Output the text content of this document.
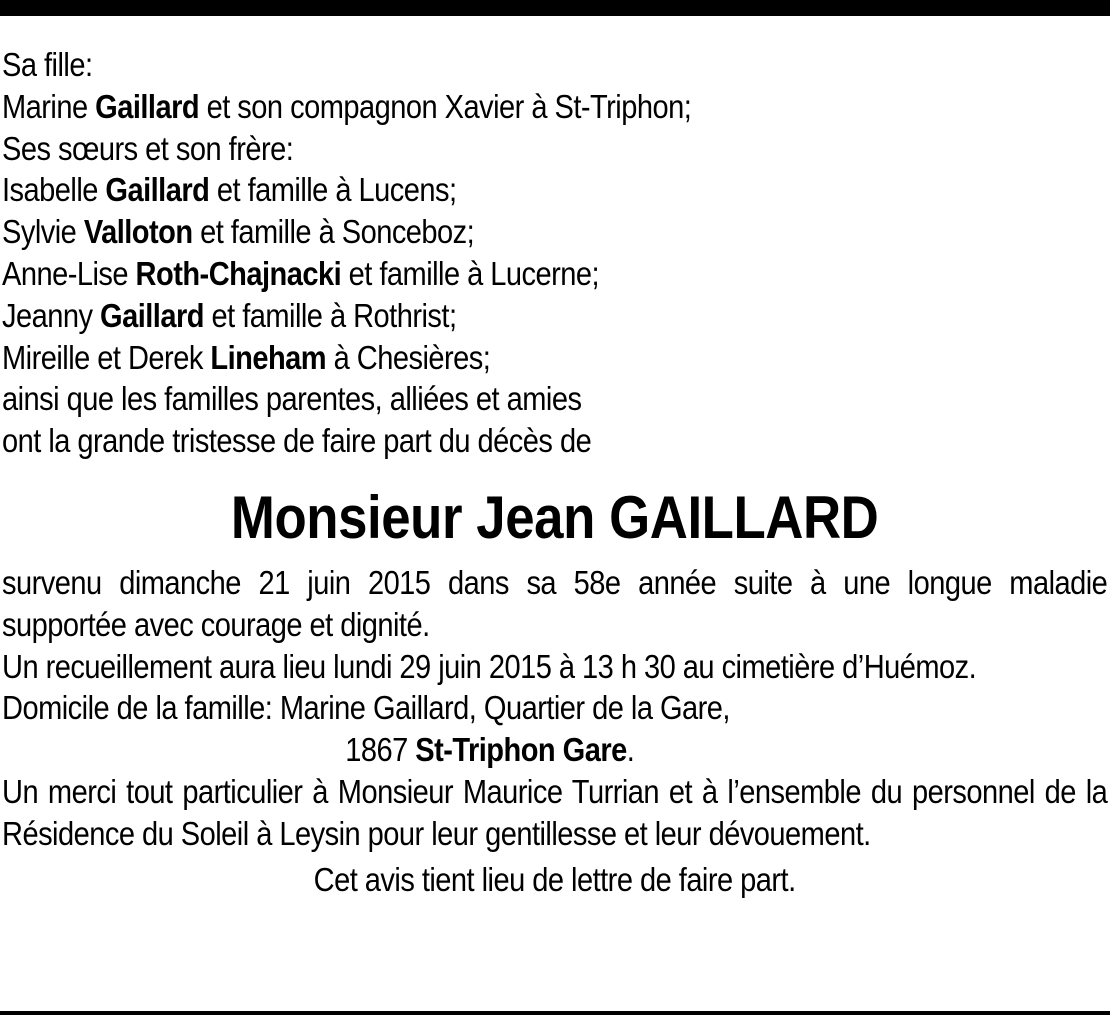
Sa fille:
Marine Gaillard et son compagnon Xavier à St-Triphon;
Ses sœurs et son frère:
Isabelle Gaillard et famille à Lucens;
Sylvie Valloton et famille à Sonceboz;
Anne-Lise Roth-Chajnacki et famille à Lucerne;
Jeanny Gaillard et famille à Rothrist;
Mireille et Derek Lineham à Chesières;
ainsi que les familles parentes, alliées et amies
ont la grande tristesse de faire part du décès de
Monsieur Jean GAILLARD
survenu dimanche 21 juin 2015 dans sa 58e année suite à une longue maladie supportée avec courage et dignité.
Un recueillement aura lieu lundi 29 juin 2015 à 13 h 30 au cimetière d’Huémoz.
Domicile de la famille: Marine Gaillard, Quartier de la Gare,
1867 St-Triphon Gare.
Un merci tout particulier à Monsieur Maurice Turrian et à l’ensemble du personnel de la Résidence du Soleil à Leysin pour leur gentillesse et leur dévouement.
Cet avis tient lieu de lettre de faire part.
